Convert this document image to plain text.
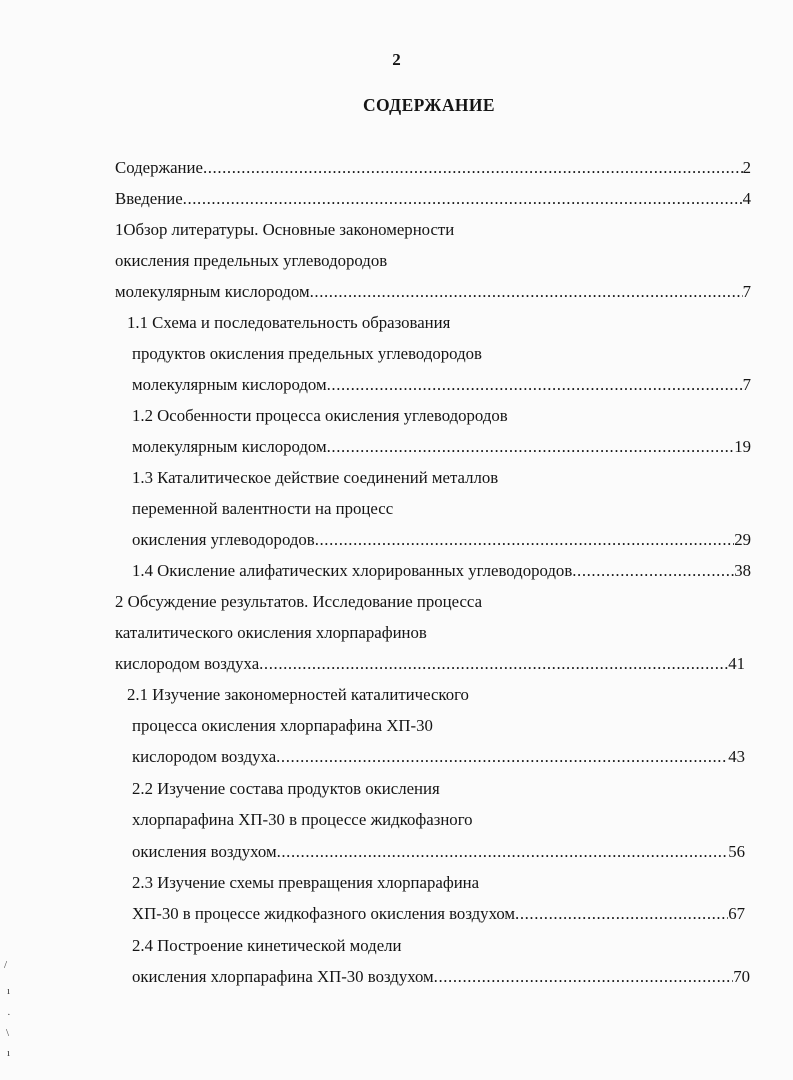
2
СОДЕРЖАНИЕ
Содержание .....	2
Введение .....	4
1Обзор литературы. Основные закономерности
окисления предельных углеводородов
молекулярным кислородом .....	7
1.1 Схема и последовательность образования
продуктов окисления предельных углеводородов
молекулярным кислородом .....	7
1.2 Особенности процесса окисления углеводородов
молекулярным кислородом .....	19
1.3 Каталитическое действие соединений металлов
переменной валентности на процесс
окисления углеводородов .....	29
1.4 Окисление алифатических хлорированных углеводородов .....	38
2 Обсуждение результатов. Исследование процесса
каталитического окисления хлорпарафинов
кислородом воздуха .....	41
2.1 Изучение закономерностей каталитического
процесса окисления хлорпарафина ХП-30
кислородом воздуха .....	43
2.2 Изучение состава продуктов окисления
хлорпарафина ХП-30 в процессе жидкофазного
окисления воздухом .....	56
2.3 Изучение схемы превращения хлорпарафина
ХП-30 в процессе жидкофазного окисления воздухом .....	67
2.4 Построение кинетической модели
окисления хлорпарафина ХП-30 воздухом .....	70
/
ı
·
\
ı
